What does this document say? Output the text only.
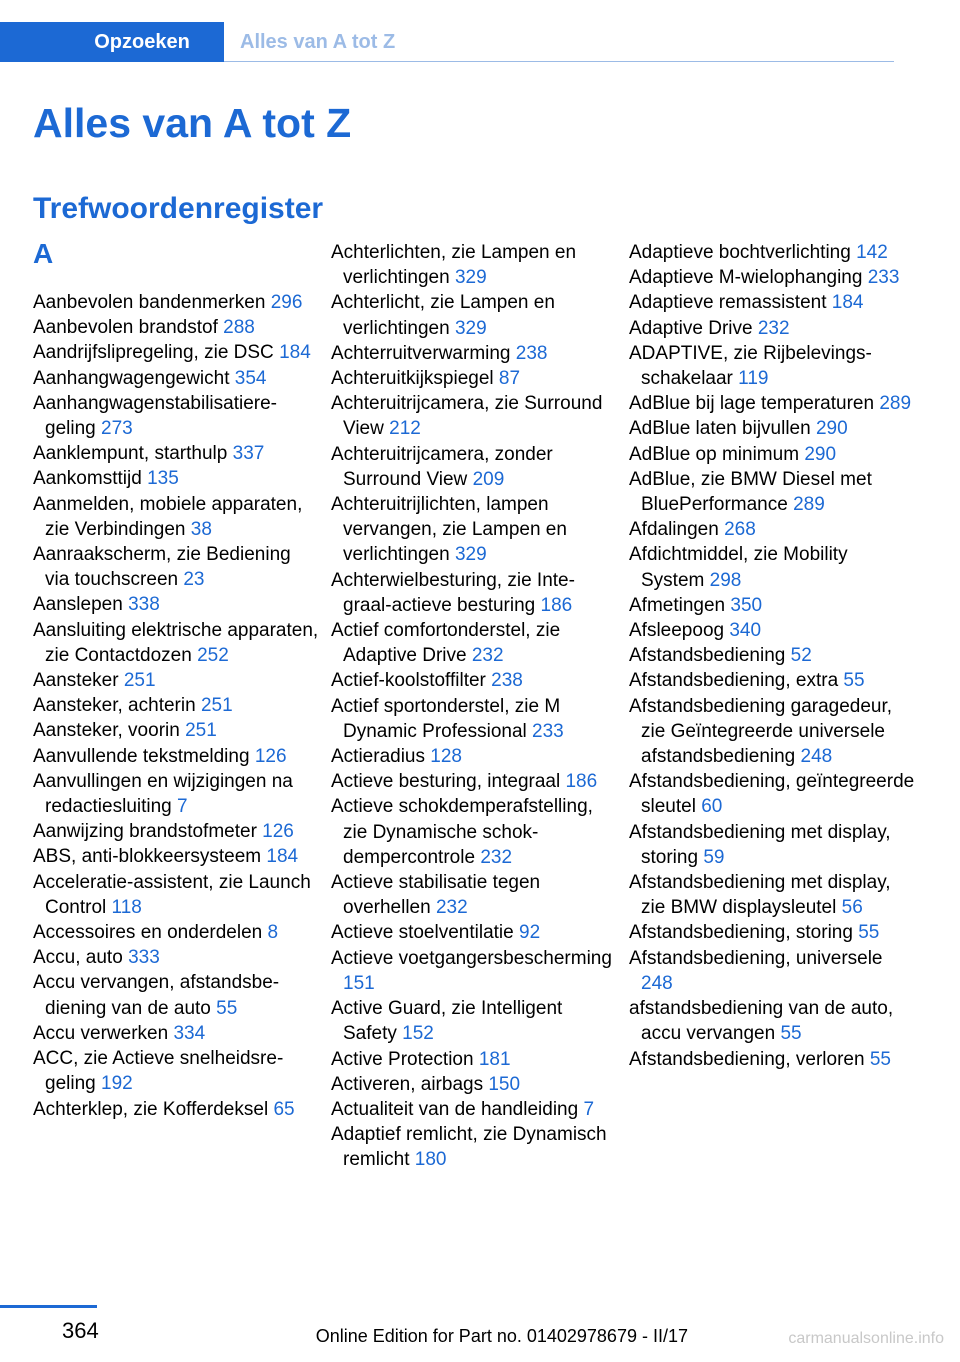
Opzoeken	Alles van A tot Z
Alles van A tot Z
Trefwoordenregister
A
Aanbevolen bandenmerken 296
Aanbevolen brandstof 288
Aandrijfslipregeling, zie DSC 184
Aanhangwagengewicht 354
Aanhangwagenstabilisatieregeling 273
Aanklempunt, starthulp 337
Aankomsttijd 135
Aanmelden, mobiele apparaten, zie Verbindingen 38
Aanraakscherm, zie Bediening via touchscreen 23
Aanslepen 338
Aansluiting elektrische apparaten, zie Contactdozen 252
Aansteker 251
Aansteker, achterin 251
Aansteker, voorin 251
Aanvullende tekstmelding 126
Aanvullingen en wijzigingen na redactiesluiting 7
Aanwijzing brandstofmeter 126
ABS, anti-blokkeersysteem 184
Acceleratie-assistent, zie Launch Control 118
Accessoires en onderdelen 8
Accu, auto 333
Accu vervangen, afstandsbediening van de auto 55
Accu verwerken 334
ACC, zie Actieve snelheidsregeling 192
Achterklep, zie Kofferdeksel 65
Achterlichten, zie Lampen en verlichtingen 329
Achterlicht, zie Lampen en verlichtingen 329
Achterruitverwarming 238
Achteruitkijkspiegel 87
Achteruitrijcamera, zie Surround View 212
Achteruitrijcamera, zonder Surround View 209
Achteruitrijlichten, lampen vervangen, zie Lampen en verlichtingen 329
Achterwielbesturing, zie Integraal-actieve besturing 186
Actief comfortonderstel, zie Adaptive Drive 232
Actief-koolstoffilter 238
Actief sportonderstel, zie M Dynamic Professional 233
Actieradius 128
Actieve besturing, integraal 186
Actieve schokdemperafstelling, zie Dynamische schokdempercontrole 232
Actieve stabilisatie tegen overhellen 232
Actieve stoelventilatie 92
Actieve voetgangersbescherming 151
Active Guard, zie Intelligent Safety 152
Active Protection 181
Activeren, airbags 150
Actualiteit van de handleiding 7
Adaptief remlicht, zie Dynamisch remlicht 180
Adaptieve bochtverlichting 142
Adaptieve M-wielophanging 233
Adaptieve remassistent 184
Adaptive Drive 232
ADAPTIVE, zie Rijbelevingsschakelaar 119
AdBlue bij lage temperaturen 289
AdBlue laten bijvullen 290
AdBlue op minimum 290
AdBlue, zie BMW Diesel met BluePerformance 289
Afdalingen 268
Afdichtmiddel, zie Mobility System 298
Afmetingen 350
Afsleepoog 340
Afstandsbediening 52
Afstandsbediening, extra 55
Afstandsbediening garagedeur, zie Geïntegreerde universele afstandsbediening 248
Afstandsbediening, geïntegreerde sleutel 60
Afstandsbediening met display, storing 59
Afstandsbediening met display, zie BMW displaysleutel 56
Afstandsbediening, storing 55
Afstandsbediening, universele 248
afstandsbediening van de auto, accu vervangen 55
Afstandsbediening, verloren 55
364	Online Edition for Part no. 01402978679 - II/17	carmanualsonline.info
